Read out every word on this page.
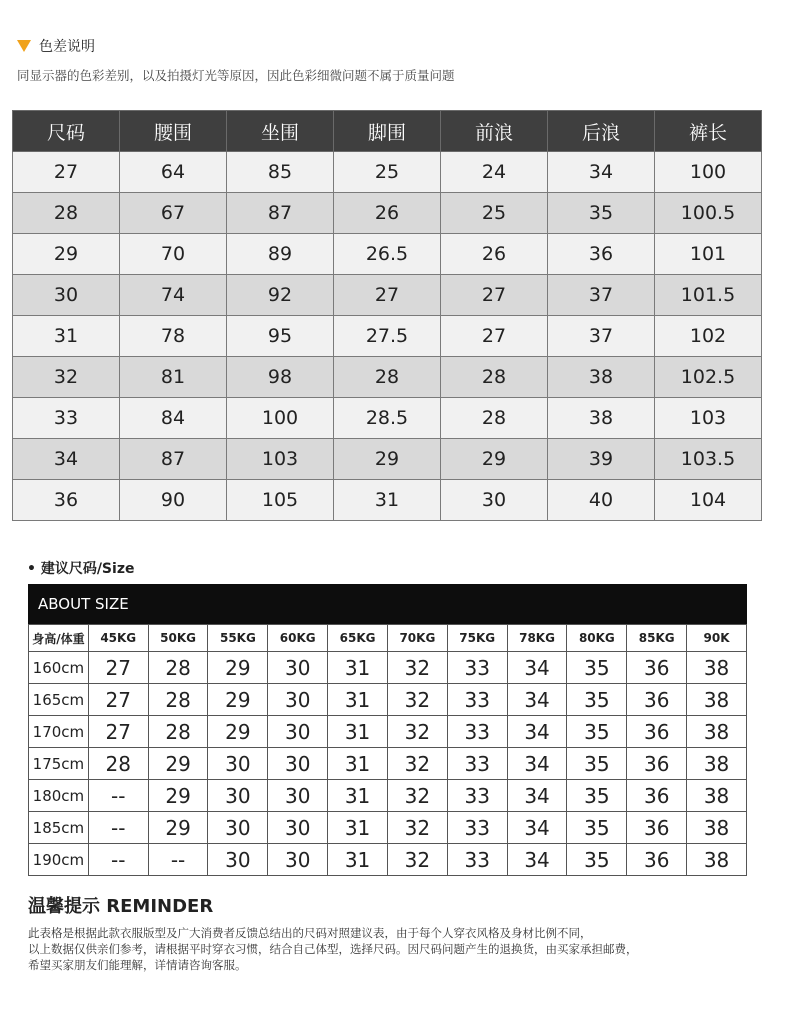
色差说明
同显示器的色彩差别，以及拍摄灯光等原因，因此色彩细微问题不属于质量问题
尺码	腰围	坐围	脚围	前浪	后浪	裤长
27	64	85	25	24	34	100
28	67	87	26	25	35	100.5
29	70	89	26.5	26	36	101
30	74	92	27	27	37	101.5
31	78	95	27.5	27	37	102
32	81	98	28	28	38	102.5
33	84	100	28.5	28	38	103
34	87	103	29	29	39	103.5
36	90	105	31	30	40	104
• 建议尺码/Size
ABOUT SIZE
身高/体重	45KG	50KG	55KG	60KG	65KG	70KG	75KG	78KG	80KG	85KG	90K
160cm	27	28	29	30	31	32	33	34	35	36	38
165cm	27	28	29	30	31	32	33	34	35	36	38
170cm	27	28	29	30	31	32	33	34	35	36	38
175cm	28	29	30	30	31	32	33	34	35	36	38
180cm	--	29	30	30	31	32	33	34	35	36	38
185cm	--	29	30	30	31	32	33	34	35	36	38
190cm	--	--	30	30	31	32	33	34	35	36	38
温馨提示 REMINDER
此表格是根据此款衣服版型及广大消费者反馈总结出的尺码对照建议表，由于每个人穿衣风格及身材比例不同，
以上数据仅供亲们参考，请根据平时穿衣习惯，结合自己体型，选择尺码。因尺码问题产生的退换货，由买家承担邮费，
希望买家朋友们能理解，详情请咨询客服。
